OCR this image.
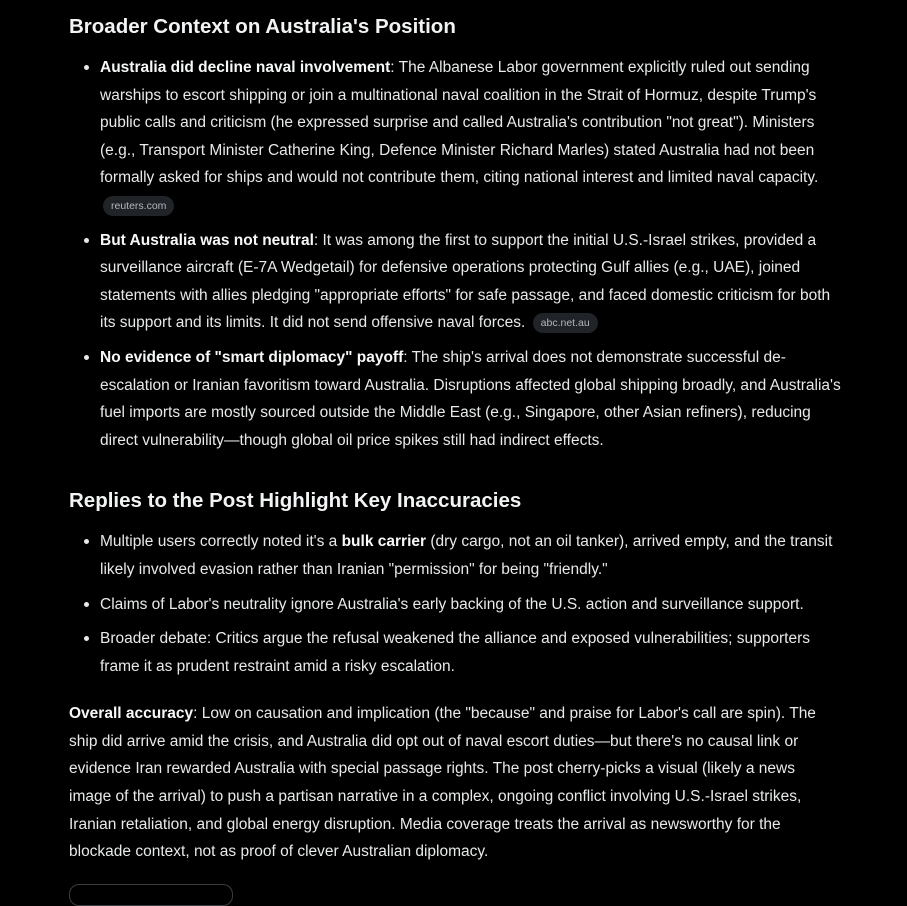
Broader Context on Australia's Position
Australia did decline naval involvement: The Albanese Labor government explicitly ruled out sending warships to escort shipping or join a multinational naval coalition in the Strait of Hormuz, despite Trump's public calls and criticism (he expressed surprise and called Australia's contribution "not great"). Ministers (e.g., Transport Minister Catherine King, Defence Minister Richard Marles) stated Australia had not been formally asked for ships and would not contribute them, citing national interest and limited naval capacity. reuters.com
But Australia was not neutral: It was among the first to support the initial U.S.-Israel strikes, provided a surveillance aircraft (E-7A Wedgetail) for defensive operations protecting Gulf allies (e.g., UAE), joined statements with allies pledging "appropriate efforts" for safe passage, and faced domestic criticism for both its support and its limits. It did not send offensive naval forces. abc.net.au
No evidence of "smart diplomacy" payoff: The ship's arrival does not demonstrate successful de-escalation or Iranian favoritism toward Australia. Disruptions affected global shipping broadly, and Australia's fuel imports are mostly sourced outside the Middle East (e.g., Singapore, other Asian refiners), reducing direct vulnerability—though global oil price spikes still had indirect effects.
Replies to the Post Highlight Key Inaccuracies
Multiple users correctly noted it's a bulk carrier (dry cargo, not an oil tanker), arrived empty, and the transit likely involved evasion rather than Iranian "permission" for being "friendly."
Claims of Labor's neutrality ignore Australia's early backing of the U.S. action and surveillance support.
Broader debate: Critics argue the refusal weakened the alliance and exposed vulnerabilities; supporters frame it as prudent restraint amid a risky escalation.

Overall accuracy: Low on causation and implication (the "because" and praise for Labor's call are spin). The ship did arrive amid the crisis, and Australia did opt out of naval escort duties—but there's no causal link or evidence Iran rewarded Australia with special passage rights. The post cherry-picks a visual (likely a news image of the arrival) to push a partisan narrative in a complex, ongoing conflict involving U.S.-Israel strikes, Iranian retaliation, and global energy disruption. Media coverage treats the arrival as newsworthy for the blockade context, not as proof of clever Australian diplomacy.
